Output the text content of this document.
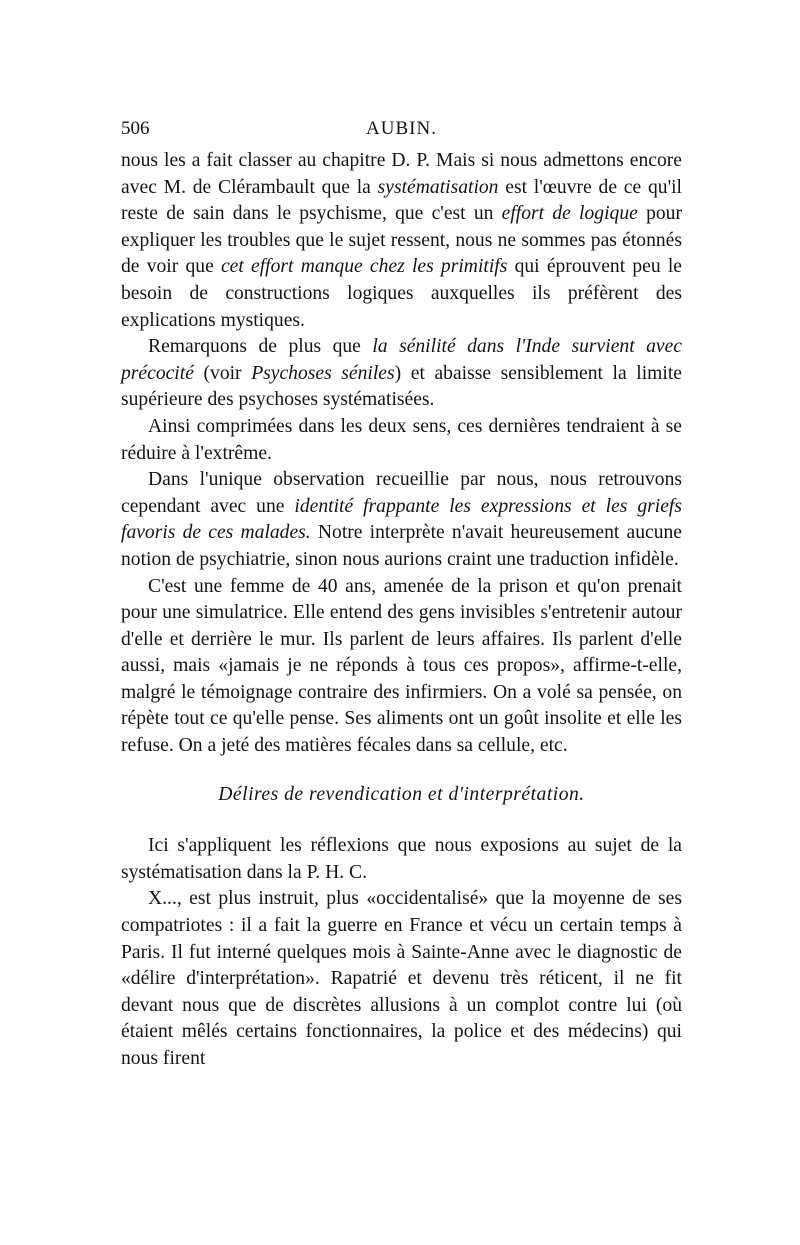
506	AUBIN.

nous les a fait classer au chapitre D. P. Mais si nous admettons encore avec M. de Clérambault que la systématisation est l'œuvre de ce qu'il reste de sain dans le psychisme, que c'est un effort de logique pour expliquer les troubles que le sujet ressent, nous ne sommes pas étonnés de voir que cet effort manque chez les primitifs qui éprouvent peu le besoin de constructions logiques auxquelles ils préfèrent des explications mystiques.

Remarquons de plus que la sénilité dans l'Inde survient avec précocité (voir Psychoses séniles) et abaisse sensiblement la limite supérieure des psychoses systématisées.

Ainsi comprimées dans les deux sens, ces dernières tendraient à se réduire à l'extrême.

Dans l'unique observation recueillie par nous, nous retrouvons cependant avec une identité frappante les expressions et les griefs favoris de ces malades. Notre interprète n'avait heureusement aucune notion de psychiatrie, sinon nous aurions craint une traduction infidèle.

C'est une femme de 40 ans, amenée de la prison et qu'on prenait pour une simulatrice. Elle entend des gens invisibles s'entretenir autour d'elle et derrière le mur. Ils parlent de leurs affaires. Ils parlent d'elle aussi, mais «jamais je ne réponds à tous ces propos», affirme-t-elle, malgré le témoignage contraire des infirmiers. On a volé sa pensée, on répète tout ce qu'elle pense. Ses aliments ont un goût insolite et elle les refuse. On a jeté des matières fécales dans sa cellule, etc.

Délires de revendication et d'interprétation.

Ici s'appliquent les réflexions que nous exposions au sujet de la systématisation dans la P. H. C.

X..., est plus instruit, plus «occidentalisé» que la moyenne de ses compatriotes : il a fait la guerre en France et vécu un certain temps à Paris. Il fut interné quelques mois à Sainte-Anne avec le diagnostic de «délire d'interprétation». Rapatrié et devenu très réticent, il ne fit devant nous que de discrètes allusions à un complot contre lui (où étaient mêlés certains fonctionnaires, la police et des médecins) qui nous firent
